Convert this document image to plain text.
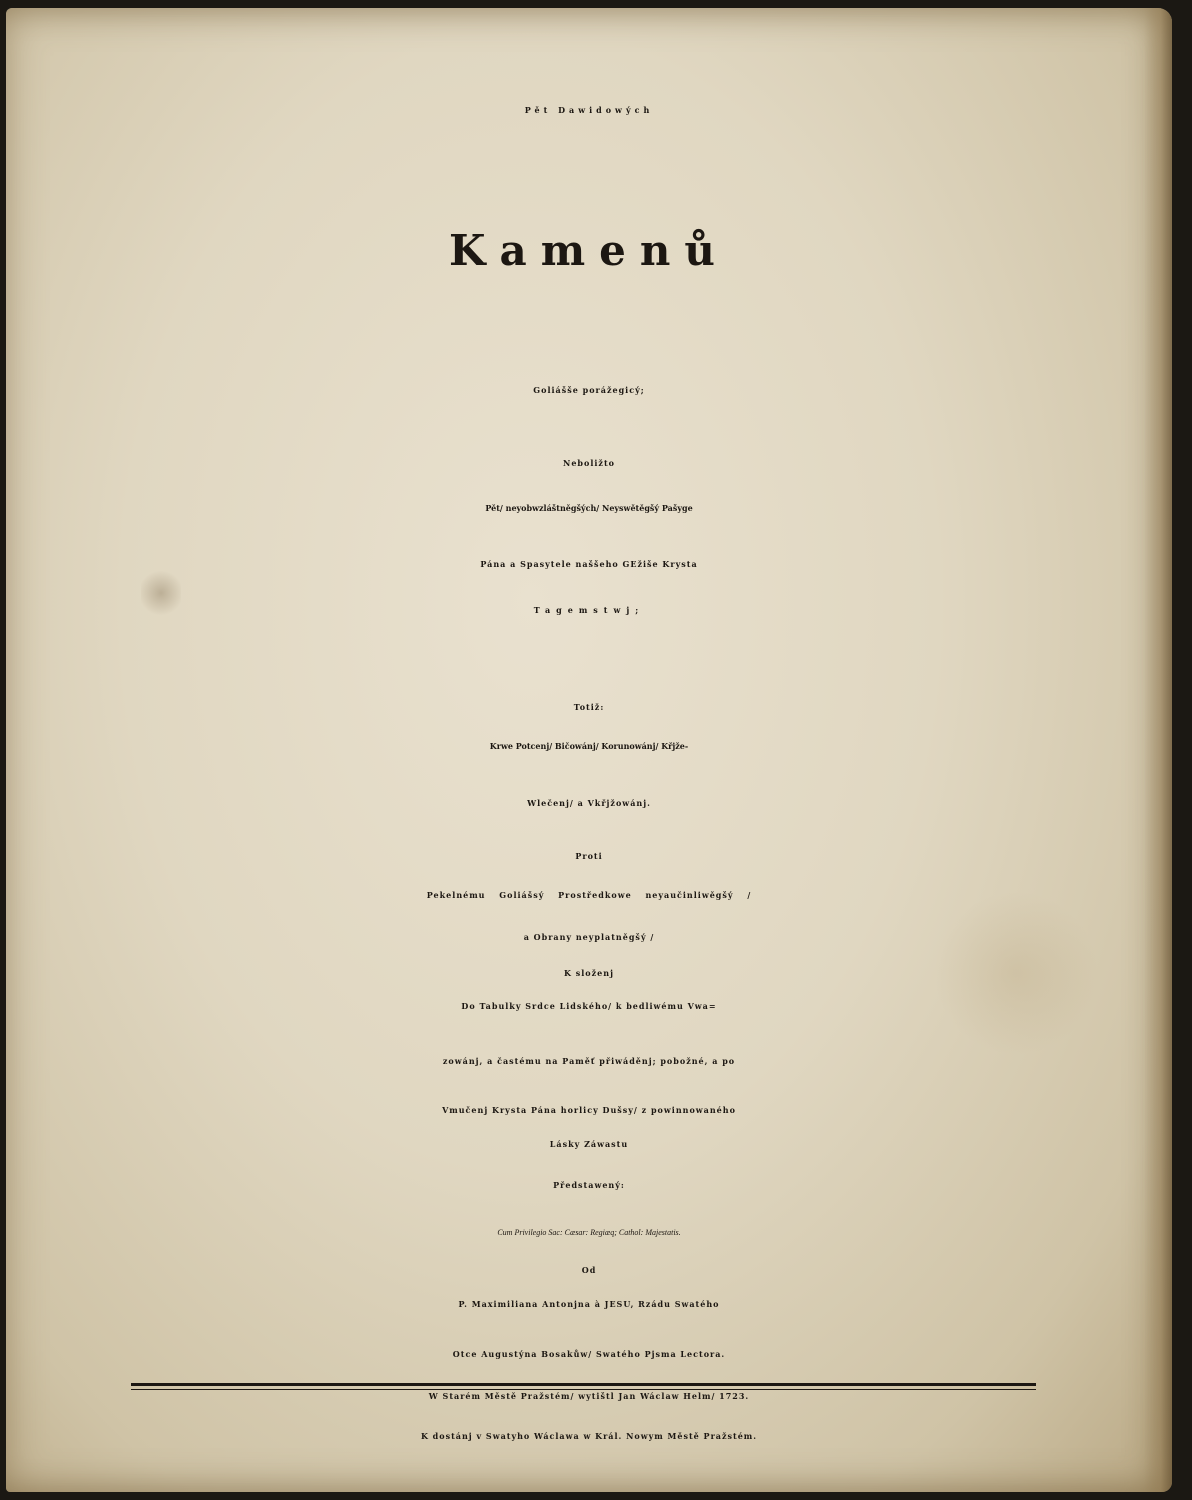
Pět Dawidowých
Kamenů
Goliášše porážegicý;
Neboližto
Pět/ neyobwzláštněgšých/ Neyswětěgšý Pašyge
Pána a Spasytele naššeho GEžiše Krysta
Tagemstwj;
Totiž:
Krwe Potcenj/ Bičowánj/ Korunowánj/ Křjže-
Wlečenj/ a Vkřjžowánj.
Proti
Pekelnému Goliášsý Prostředkowe neyaučinliwěgšý /
a Obrany neyplatněgšý /
K složenj
Do Tabulky Srdce Lidského/ k bedliwému Vwa=
zowánj, a častému na Paměť přiwáděnj; pobožné, a po
Vmučenj Krysta Pána horlicy Dušsy/ z powinnowaného
Lásky Záwastu
Předstawený:
Cum Privilegio Sac: Cæsar: Regiæq; Cathol: Majestatis.
Od
P. Maximiliana Antonjna à JESU, Rzádu Swatého
Otce Augustýna Bosakůw/ Swatého Pjsma Lectora.
W Starém Městě Pražstém/ wytištl Jan Wáclaw Helm/ 1723.
K dostánj v Swatyho Wáclawa w Král. Nowym Městě Pražstém.
